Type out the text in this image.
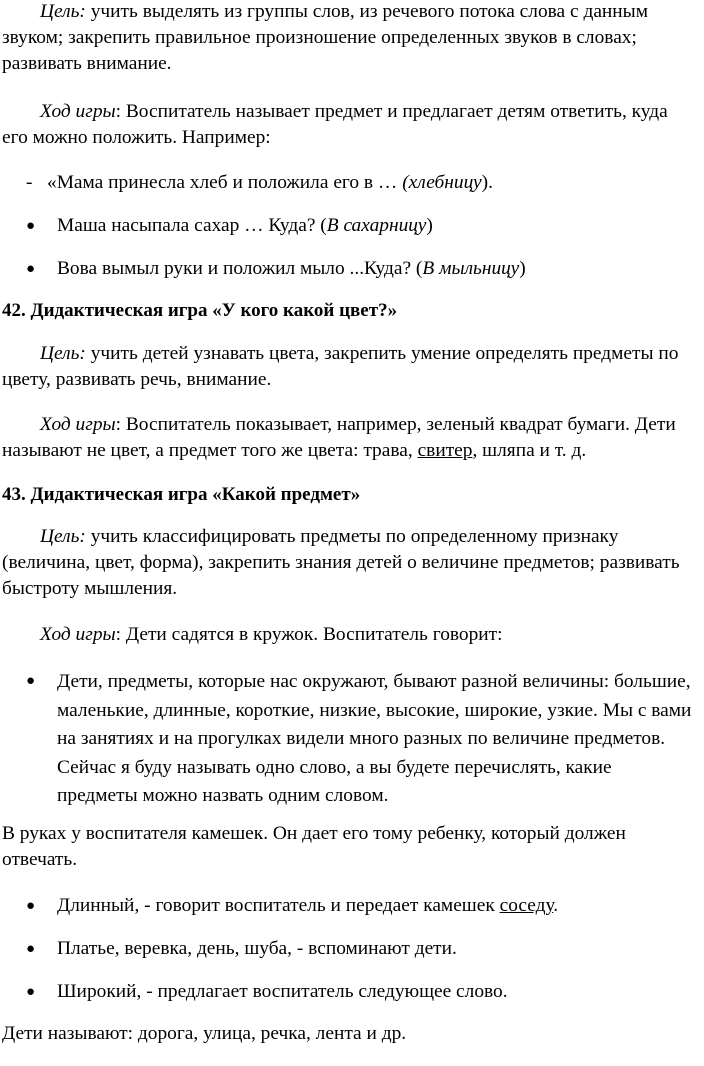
Цель: учить выделять из группы слов, из речевого потока слова с данным звуком; закрепить правильное произношение определенных звуков в словах; развивать внимание.

Ход игры: Воспитатель называет предмет и предлагает детям ответить, куда его можно положить. Например:

- «Мама принесла хлеб и положила его в … (хлебницу).

● Маша насыпала сахар … Куда? (В сахарницу)

● Вова вымыл руки и положил мыло ...Куда? (В мыльницу)

42. Дидактическая игра «У кого какой цвет?»

Цель: учить детей узнавать цвета, закрепить умение определять предметы по цвету, развивать речь, внимание.

Ход игры: Воспитатель показывает, например, зеленый квадрат бумаги. Дети называют не цвет, а предмет того же цвета: трава, свитер, шляпа и т. д.

43. Дидактическая игра «Какой предмет»

Цель: учить классифицировать предметы по определенному признаку (величина, цвет, форма), закрепить знания детей о величине предметов; развивать быстроту мышления.

Ход игры: Дети садятся в кружок. Воспитатель говорит:

● Дети, предметы, которые нас окружают, бывают разной величины: большие, маленькие, длинные, короткие, низкие, высокие, широкие, узкие. Мы с вами на занятиях и на прогулках видели много разных по величине предметов. Сейчас я буду называть одно слово, а вы будете перечислять, какие предметы можно назвать одним словом.

В руках у воспитателя камешек. Он дает его тому ребенку, который должен отвечать.

● Длинный, - говорит воспитатель и передает камешек соседу.

● Платье, веревка, день, шуба, - вспоминают дети.

● Широкий, - предлагает воспитатель следующее слово.

Дети называют: дорога, улица, речка, лента и др.
